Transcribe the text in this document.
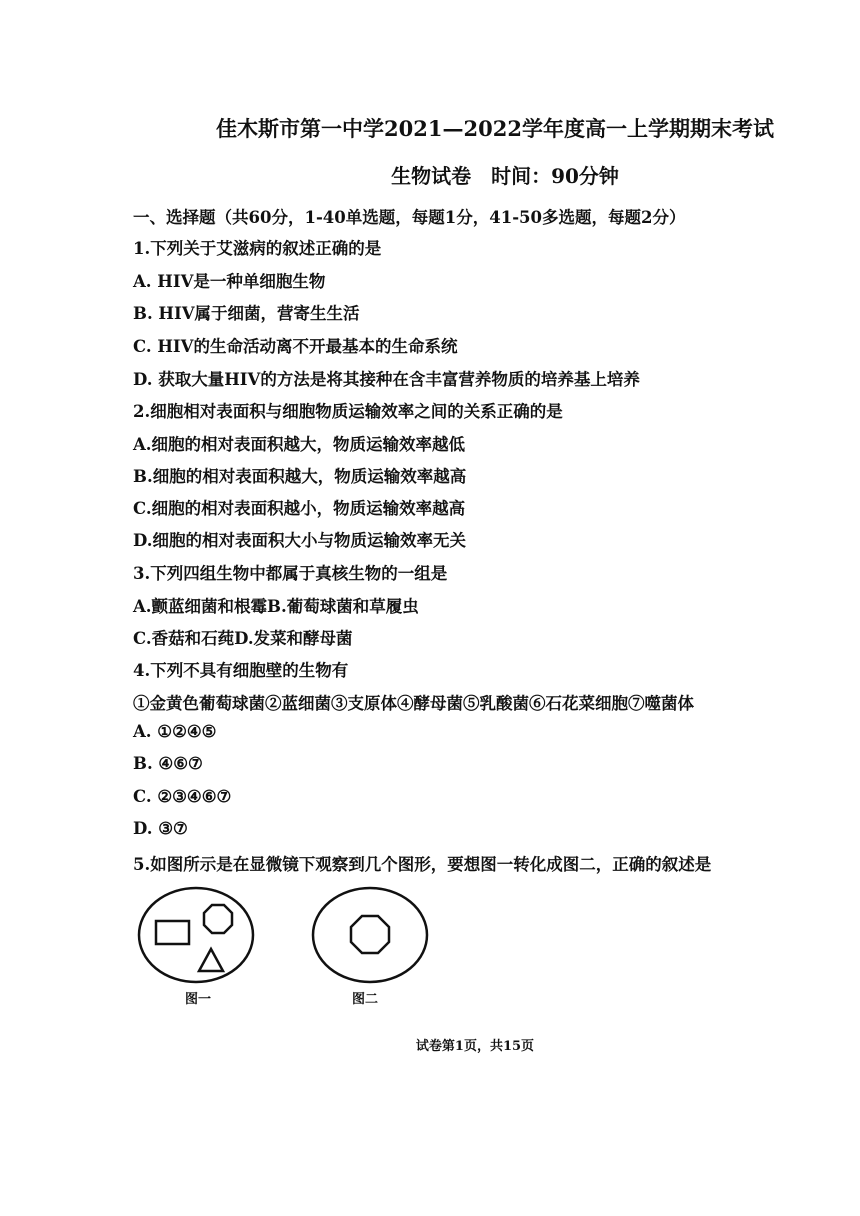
佳木斯市第一中学2021—2022学年度高一上学期期末考试
生物试卷　时间：90分钟
一、选择题（共60分，1-40单选题，每题1分，41-50多选题，每题2分）
1.下列关于艾滋病的叙述正确的是
A. HIV是一种单细胞生物
B. HIV属于细菌，营寄生生活
C. HIV的生命活动离不开最基本的生命系统
D. 获取大量HIV的方法是将其接种在含丰富营养物质的培养基上培养
2.细胞相对表面积与细胞物质运输效率之间的关系正确的是
A.细胞的相对表面积越大，物质运输效率越低
B.细胞的相对表面积越大，物质运输效率越高
C.细胞的相对表面积越小，物质运输效率越高
D.细胞的相对表面积大小与物质运输效率无关
3.下列四组生物中都属于真核生物的一组是
A.颤蓝细菌和根霉B.葡萄球菌和草履虫
C.香菇和石莼D.发菜和酵母菌
4.下列不具有细胞壁的生物有
①金黄色葡萄球菌②蓝细菌③支原体④酵母菌⑤乳酸菌⑥石花菜细胞⑦噬菌体
A. ①②④⑤
B. ④⑥⑦
C. ②③④⑥⑦
D. ③⑦
5.如图所示是在显微镜下观察到几个图形，要想图一转化成图二，正确的叙述是
图一	图二
试卷第1页，共15页
